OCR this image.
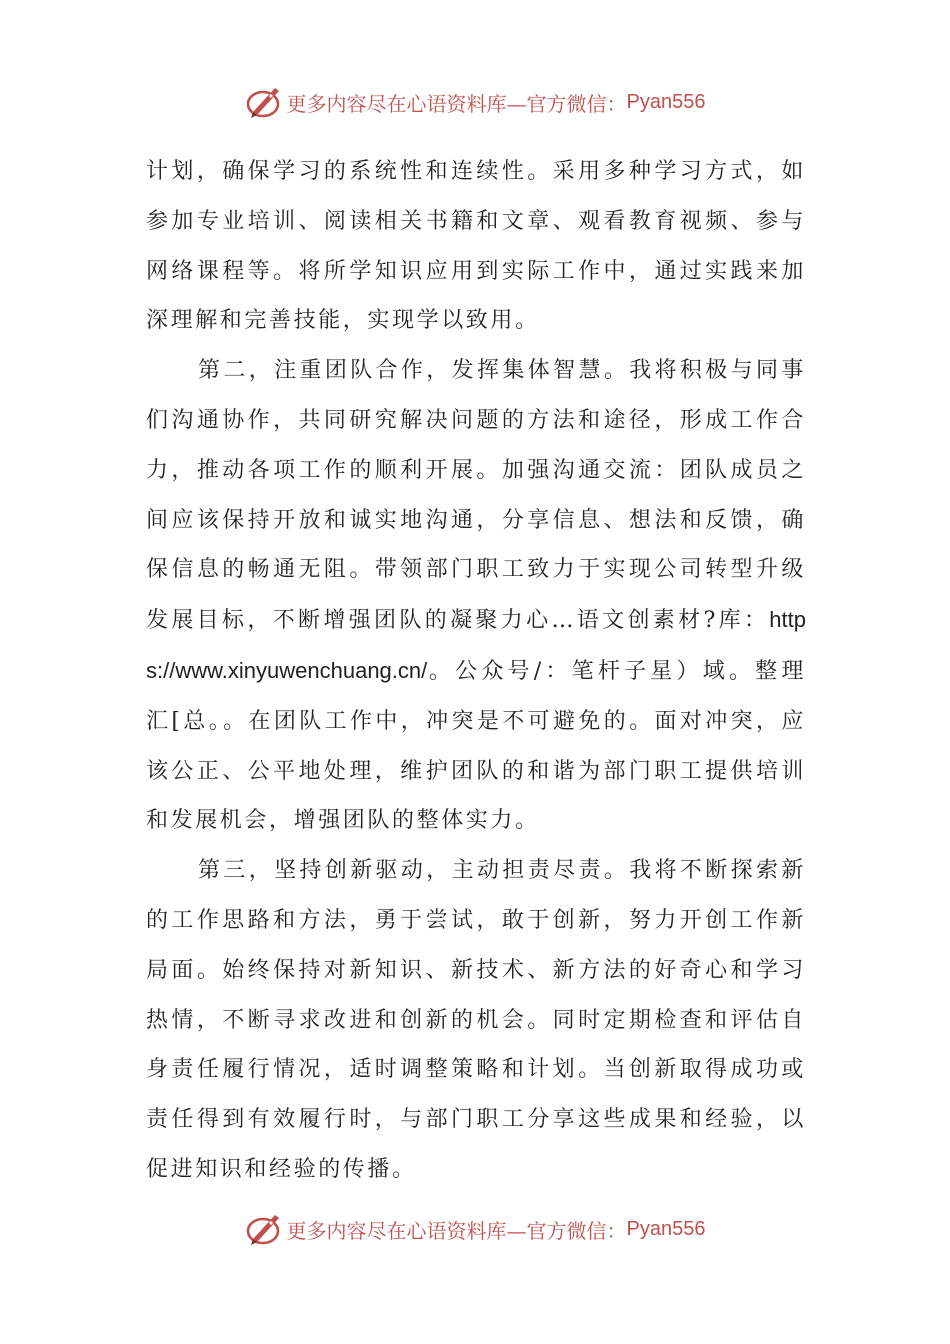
更多内容尽在心语资料库—官方微信： Pyan556

计划，确保学习的系统性和连续性。采用多种学习方式，如参加专业培训、阅读相关书籍和文章、观看教育视频、参与网络课程等。将所学知识应用到实际工作中，通过实践来加深理解和完善技能，实现学以致用。

第二，注重团队合作，发挥集体智慧。我将积极与同事们沟通协作，共同研究解决问题的方法和途径，形成工作合力，推动各项工作的顺利开展。加强沟通交流：团队成员之间应该保持开放和诚实地沟通，分享信息、想法和反馈，确保信息的畅通无阻。带领部门职工致力于实现公司转型升级发展目标，不断增强团队的凝聚力心…语文创素材?库：https://www.xinyuwenchuang.cn/。公众号/：笔杆子星）域。整理汇[总。。在团队工作中，冲突是不可避免的。面对冲突，应该公正、公平地处理，维护团队的和谐为部门职工提供培训和发展机会，增强团队的整体实力。

第三，坚持创新驱动，主动担责尽责。我将不断探索新的工作思路和方法，勇于尝试，敢于创新，努力开创工作新局面。始终保持对新知识、新技术、新方法的好奇心和学习热情，不断寻求改进和创新的机会。同时定期检查和评估自身责任履行情况，适时调整策略和计划。当创新取得成功或责任得到有效履行时，与部门职工分享这些成果和经验，以促进知识和经验的传播。

更多内容尽在心语资料库—官方微信： Pyan556
